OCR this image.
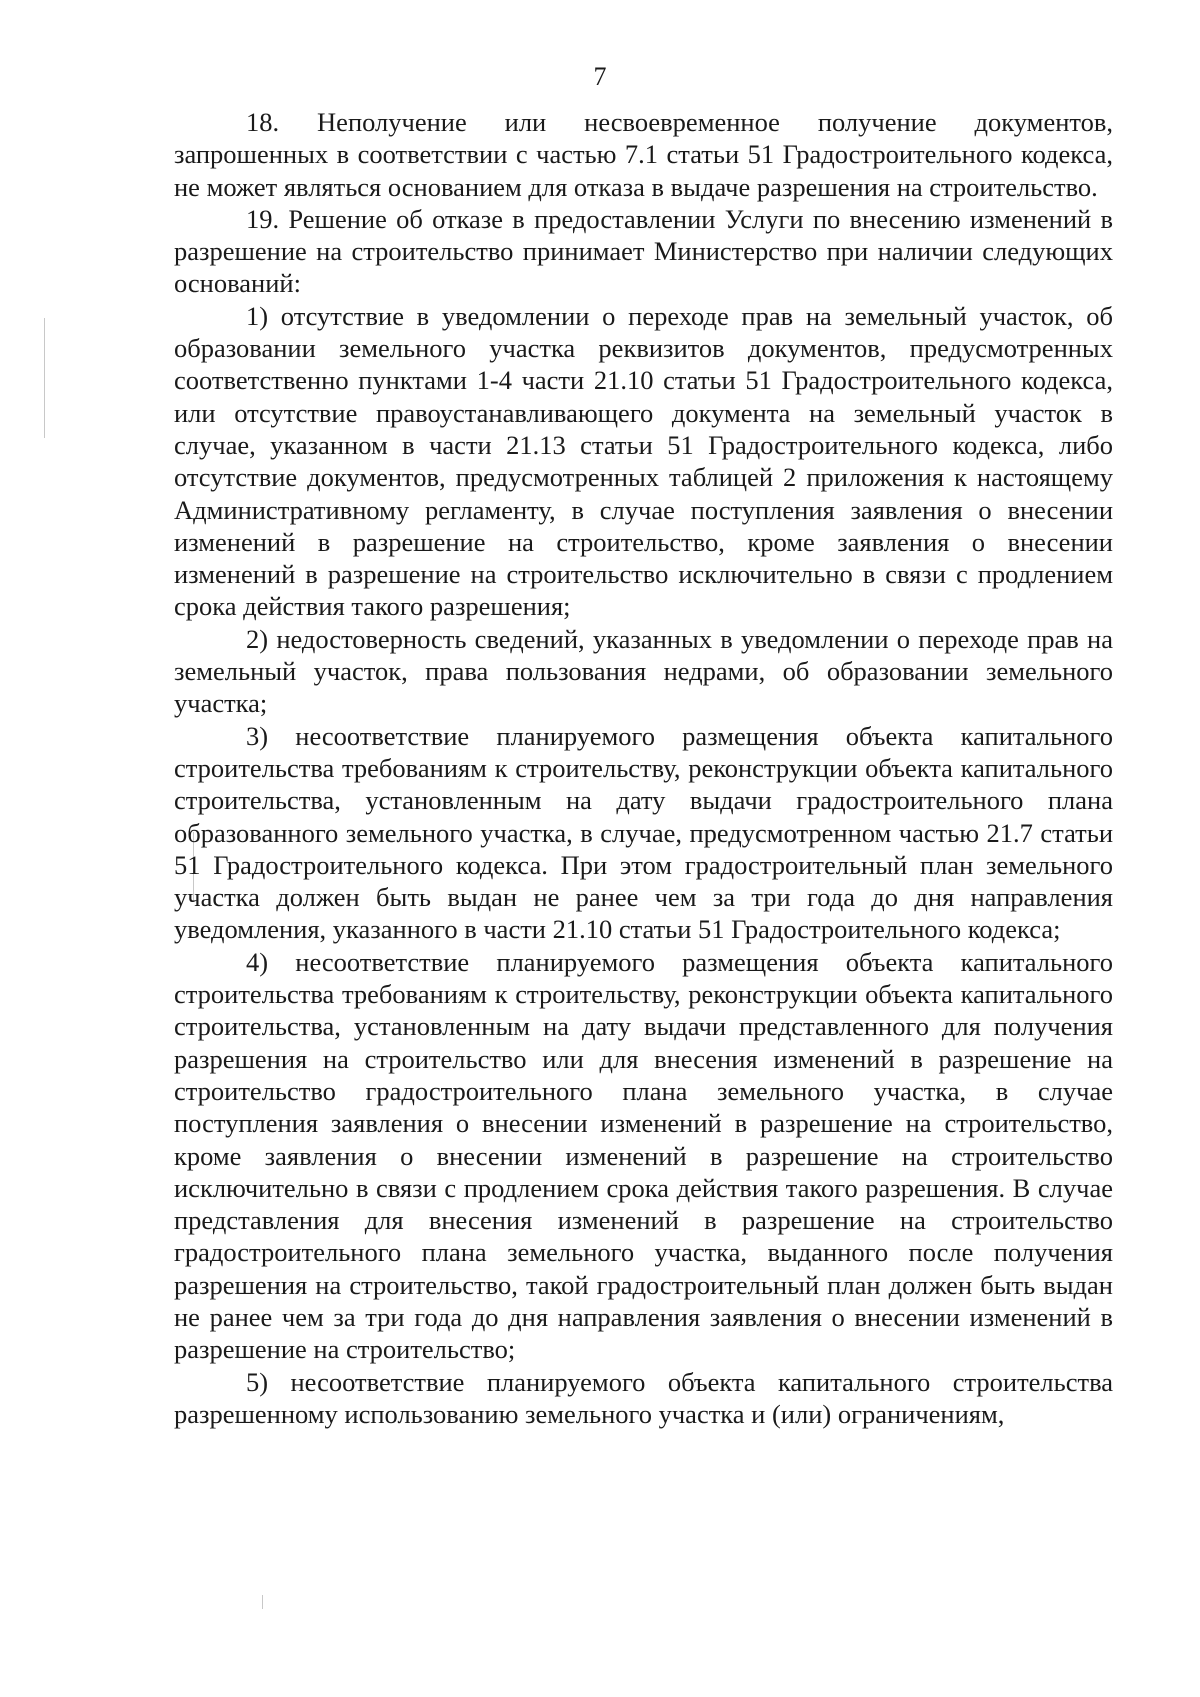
7

18. Неполучение или несвоевременное получение документов, запрошенных в соответствии с частью 7.1 статьи 51 Градостроительного кодекса, не может являться основанием для отказа в выдаче разрешения на строительство.

19. Решение об отказе в предоставлении Услуги по внесению изменений в разрешение на строительство принимает Министерство при наличии следующих оснований:

1) отсутствие в уведомлении о переходе прав на земельный участок, об образовании земельного участка реквизитов документов, предусмотренных соответственно пунктами 1-4 части 21.10 статьи 51 Градостроительного кодекса, или отсутствие правоустанавливающего документа на земельный участок в случае, указанном в части 21.13 статьи 51 Градостроительного кодекса, либо отсутствие документов, предусмотренных таблицей 2 приложения к настоящему Административному регламенту, в случае поступления заявления о внесении изменений в разрешение на строительство, кроме заявления о внесении изменений в разрешение на строительство исключительно в связи с продлением срока действия такого разрешения;

2) недостоверность сведений, указанных в уведомлении о переходе прав на земельный участок, права пользования недрами, об образовании земельного участка;

3) несоответствие планируемого размещения объекта капитального строительства требованиям к строительству, реконструкции объекта капитального строительства, установленным на дату выдачи градостроительного плана образованного земельного участка, в случае, предусмотренном частью 21.7 статьи 51 Градостроительного кодекса. При этом градостроительный план земельного участка должен быть выдан не ранее чем за три года до дня направления уведомления, указанного в части 21.10 статьи 51 Градостроительного кодекса;

4) несоответствие планируемого размещения объекта капитального строительства требованиям к строительству, реконструкции объекта капитального строительства, установленным на дату выдачи представленного для получения разрешения на строительство или для внесения изменений в разрешение на строительство градостроительного плана земельного участка, в случае поступления заявления о внесении изменений в разрешение на строительство, кроме заявления о внесении изменений в разрешение на строительство исключительно в связи с продлением срока действия такого разрешения. В случае представления для внесения изменений в разрешение на строительство градостроительного плана земельного участка, выданного после получения разрешения на строительство, такой градостроительный план должен быть выдан не ранее чем за три года до дня направления заявления о внесении изменений в разрешение на строительство;

5) несоответствие планируемого объекта капитального строительства разрешенному использованию земельного участка и (или) ограничениям,
